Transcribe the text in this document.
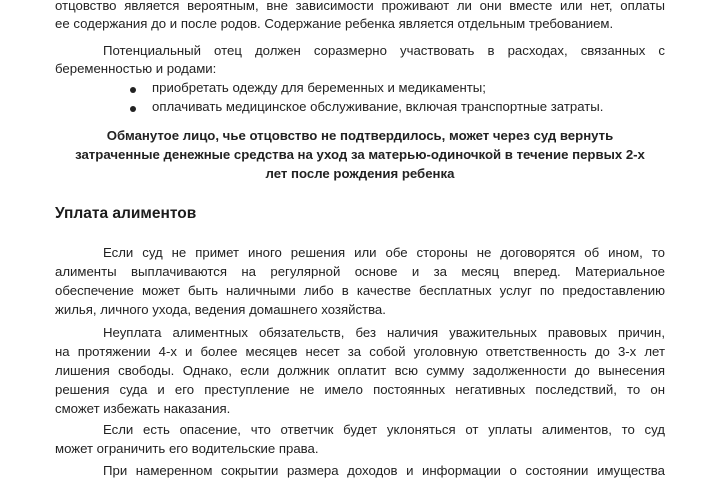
отцовство является вероятным, вне зависимости проживают ли они вместе или нет, оплаты

ее содержания до и после родов. Содержание ребенка является отдельным требованием.

Потенциальный отец должен соразмерно участвовать в расходах, связанных с

беременностью и родами:

приобретать одежду для беременных и медикаменты;

оплачивать медицинское обслуживание, включая транспортные затраты.

Обманутое лицо, чье отцовство не подтвердилось, может через суд вернуть

затраченные денежные средства на уход за матерью-одиночкой в течение первых 2-х

лет после рождения ребенка

Уплата алиментов

Если суд не примет иного решения или обе стороны не договорятся об ином, то

алименты выплачиваются на регулярной основе и за месяц вперед. Материальное

обеспечение может быть наличными либо в качестве бесплатных услуг по предоставлению

жилья, личного ухода, ведения домашнего хозяйства.

Неуплата алиментных обязательств, без наличия уважительных правовых причин,

на протяжении 4-х и более месяцев несет за собой уголовную ответственность до 3-х лет

лишения свободы. Однако, если должник оплатит всю сумму задолженности до вынесения

решения суда и его преступление не имело постоянных негативных последствий, то он

сможет избежать наказания.

Если есть опасение, что ответчик будет уклоняться от уплаты алиментов, то суд

может ограничить его водительские права.

При намеренном сокрытии размера доходов и информации о состоянии имущества
